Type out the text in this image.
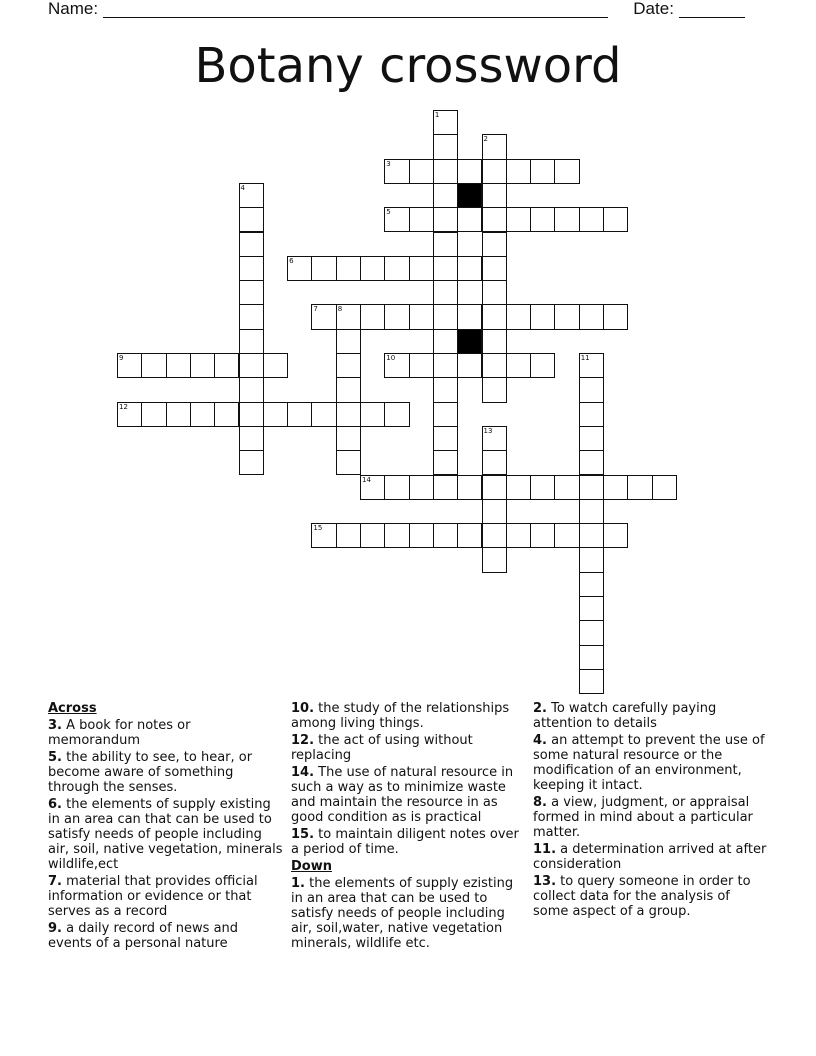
Name:	Date:
Botany crossword
1
2
3
4
5
6
7	8
9	10	11
12
13
14
15
Across
3. A book for notes or memorandum
5. the ability to see, to hear, or become aware of something through the senses.
6. the elements of supply existing in an area can that can be used to satisfy needs of people including air, soil, native vegetation, minerals wildlife,ect
7. material that provides official information or evidence or that serves as a record
9. a daily record of news and events of a personal nature
10. the study of the relationships among living things.
12. the act of using without replacing
14. The use of natural resource in such a way as to minimize waste and maintain the resource in as good condition as is practical
15. to maintain diligent notes over a period of time.
Down
1. the elements of supply ezisting in an area that can be used to satisfy needs of people including air, soil,water, native vegetation minerals, wildlife etc.
2. To watch carefully paying attention to details
4. an attempt to prevent the use of some natural resource or the modification of an environment, keeping it intact.
8. a view, judgment, or appraisal formed in mind about a particular matter.
11. a determination arrived at after consideration
13. to query someone in order to collect data for the analysis of some aspect of a group.
